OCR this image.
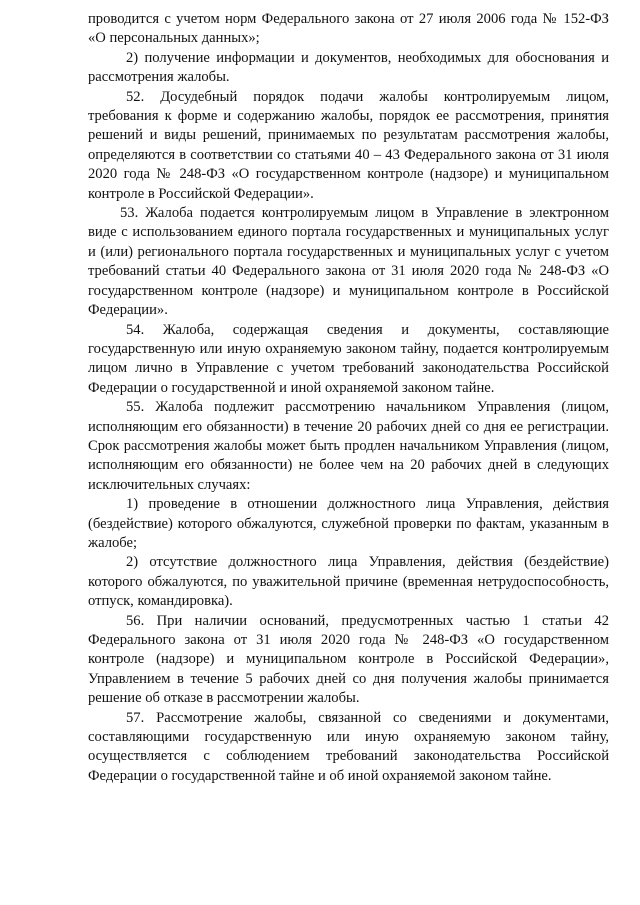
проводится с учетом норм Федерального закона от 27 июля 2006 года № 152-ФЗ «О персональных данных»;

2) получение информации и документов, необходимых для обоснования и рассмотрения жалобы.

52. Досудебный порядок подачи жалобы контролируемым лицом, требования к форме и содержанию жалобы, порядок ее рассмотрения, принятия решений и виды решений, принимаемых по результатам рассмотрения жалобы, определяются в соответствии со статьями 40 – 43 Федерального закона от 31 июля 2020 года № 248-ФЗ «О государственном контроле (надзоре) и муниципальном контроле в Российской Федерации».

53. Жалоба подается контролируемым лицом в Управление в электронном виде с использованием единого портала государственных и муниципальных услуг и (или) регионального портала государственных и муниципальных услуг с учетом требований статьи 40 Федерального закона от 31 июля 2020 года № 248-ФЗ «О государственном контроле (надзоре) и муниципальном контроле в Российской Федерации».

54. Жалоба, содержащая сведения и документы, составляющие государственную или иную охраняемую законом тайну, подается контролируемым лицом лично в Управление с учетом требований законодательства Российской Федерации о государственной и иной охраняемой законом тайне.

55. Жалоба подлежит рассмотрению начальником Управления (лицом, исполняющим его обязанности) в течение 20 рабочих дней со дня ее регистрации. Срок рассмотрения жалобы может быть продлен начальником Управления (лицом, исполняющим его обязанности) не более чем на 20 рабочих дней в следующих исключительных случаях:

1) проведение в отношении должностного лица Управления, действия (бездействие) которого обжалуются, служебной проверки по фактам, указанным в жалобе;

2) отсутствие должностного лица Управления, действия (бездействие) которого обжалуются, по уважительной причине (временная нетрудоспособность, отпуск, командировка).

56. При наличии оснований, предусмотренных частью 1 статьи 42 Федерального закона от 31 июля 2020 года № 248-ФЗ «О государственном контроле (надзоре) и муниципальном контроле в Российской Федерации», Управлением в течение 5 рабочих дней со дня получения жалобы принимается решение об отказе в рассмотрении жалобы.

57. Рассмотрение жалобы, связанной со сведениями и документами, составляющими государственную или иную охраняемую законом тайну, осуществляется с соблюдением требований законодательства Российской Федерации о государственной тайне и об иной охраняемой законом тайне.
